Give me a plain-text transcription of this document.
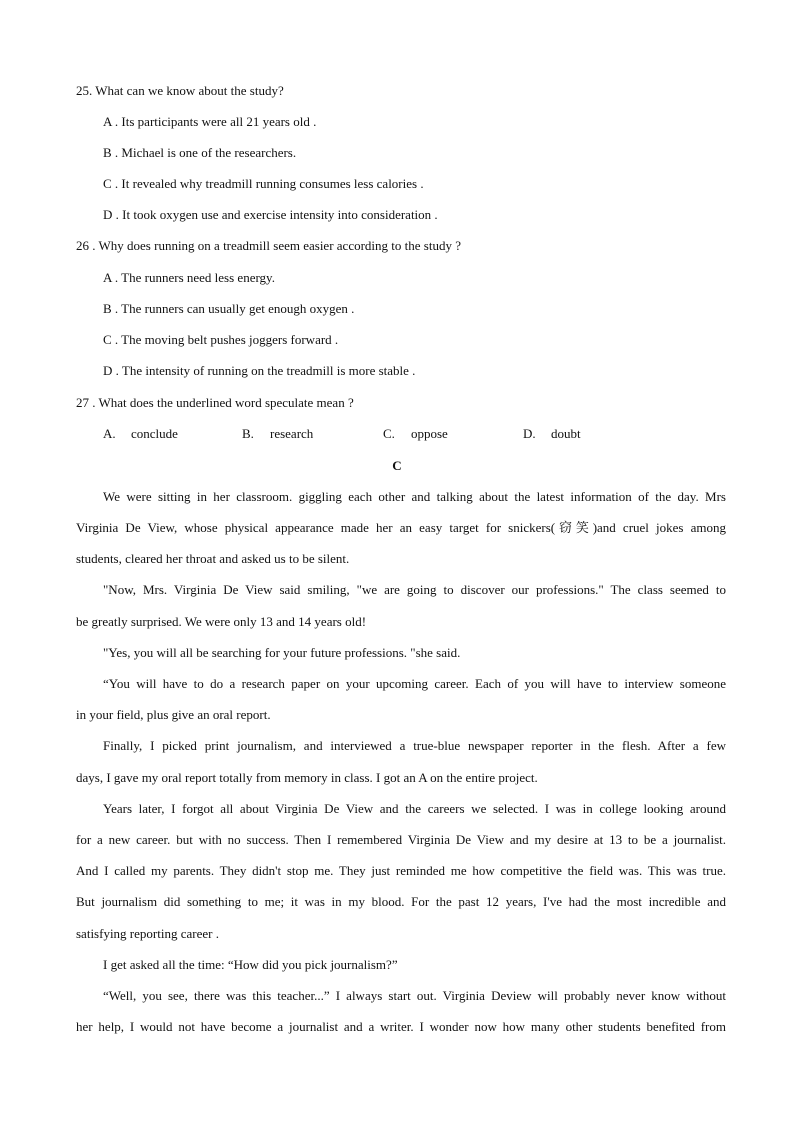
25. What can we know about the study?
A . Its participants were all 21 years old .
B . Michael is one of the researchers.
C . It revealed why treadmill running consumes less calories .
D . It took oxygen use and exercise intensity into consideration .
26 . Why does running on a treadmill seem easier according to the study ?
A . The runners need less energy.
B . The runners can usually get enough oxygen .
C . The moving belt pushes joggers forward .
D . The intensity of running on the treadmill is more stable .
27 . What does the underlined word speculate mean ?
A. conclude	B. research	C. oppose	D. doubt
C
We were sitting in her classroom. giggling each other and talking about the latest information of the day. Mrs
Virginia De View, whose physical appearance made her an easy target for snickers(窃笑)and cruel jokes among
students, cleared her throat and asked us to be silent.
"Now, Mrs. Virginia De View said smiling, "we are going to discover our professions." The class seemed to
be greatly surprised. We were only 13 and 14 years old!
"Yes, you will all be searching for your future professions. "she said.
“You will have to do a research paper on your upcoming career. Each of you will have to interview someone
in your field, plus give an oral report.
Finally, I picked print journalism, and interviewed a true-blue newspaper reporter in the flesh. After a few
days, I gave my oral report totally from memory in class. I got an A on the entire project.
Years later, I forgot all about Virginia De View and the careers we selected. I was in college looking around
for a new career. but with no success. Then I remembered Virginia De View and my desire at 13 to be a journalist.
And I called my parents. They didn't stop me. They just reminded me how competitive the field was. This was true.
But journalism did something to me; it was in my blood. For the past 12 years, I've had the most incredible and
satisfying reporting career .
I get asked all the time: “How did you pick journalism?”
“Well, you see, there was this teacher...” I always start out. Virginia Deview will probably never know without
her help, I would not have become a journalist and a writer. I wonder now how many other students benefited from
